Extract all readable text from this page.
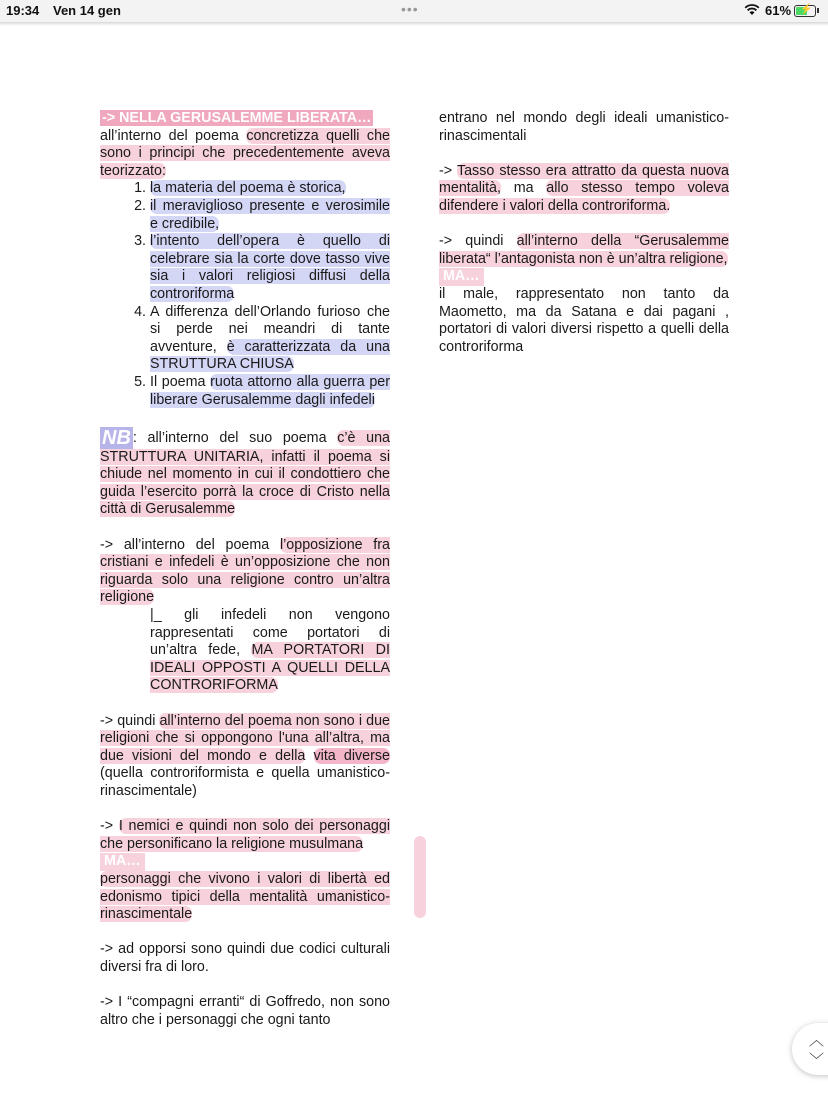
19:34 Ven 14 gen	•••	61% ⚡

-> NELLA GERUSALEMME LIBERATA…

all’interno del poema concretizza quelli che sono i principi che precedentemente aveva teorizzato:

1. la materia del poema è storica,
2. il meraviglioso presente e verosimile e credibile,
3. l’intento dell’opera è quello di celebrare sia la corte dove tasso vive sia i valori religiosi diffusi della controriforma
4. A differenza dell’Orlando furioso che si perde nei meandri di tante avventure, è caratterizzata da una STRUTTURA CHIUSA
5. Il poema ruota attorno alla guerra per liberare Gerusalemme dagli infedeli

NB : all’interno del suo poema c’è una STRUTTURA UNITARIA, infatti il poema si chiude nel momento in cui il condottiero che guida l’esercito porrà la croce di Cristo nella città di Gerusalemme

-> all’interno del poema l’opposizione fra cristiani e infedeli è un’opposizione che non riguarda solo una religione contro un’altra religione

|_ gli infedeli non vengono rappresentati come portatori di un’altra fede, MA PORTATORI DI IDEALI OPPOSTI A QUELLI DELLA CONTRORIFORMA

-> quindi all’interno del poema non sono i due religioni che si oppongono l'una all’altra, ma due visioni del mondo e della vita diverse (quella controriformista e quella umanistico-rinascimentale)

-> I nemici e quindi non solo dei personaggi che personificano la religione musulmana

MA…

personaggi che vivono i valori di libertà ed edonismo tipici della mentalità umanistico-rinascimentale

-> ad opporsi sono quindi due codici culturali diversi fra di loro.

-> I “compagni erranti“ di Goffredo, non sono altro che i personaggi che ogni tanto

entrano nel mondo degli ideali umanistico-rinascimentali

-> Tasso stesso era attratto da questa nuova mentalità, ma allo stesso tempo voleva difendere i valori della controriforma.

-> quindi all’interno della “Gerusalemme liberata“ l’antagonista non è un’altra religione,

MA…

il male, rappresentato non tanto da Maometto, ma da Satana e dai pagani , portatori di valori diversi rispetto a quelli della controriforma

︿
﹀
